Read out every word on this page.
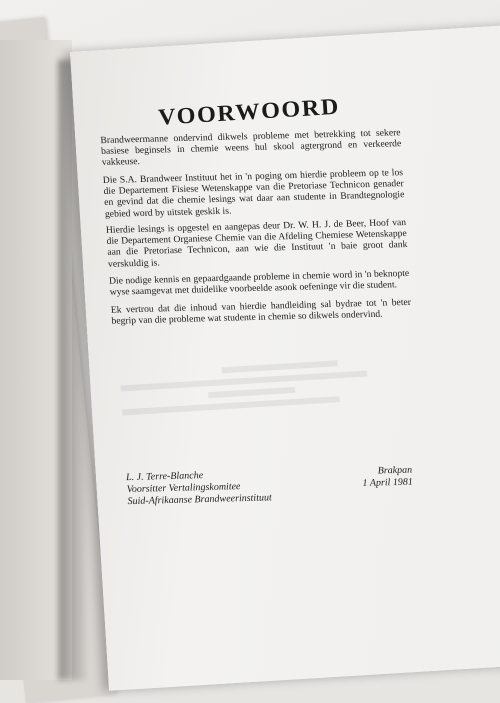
VOORWOORD

Brandweermanne ondervind dikwels probleme met betrekking tot sekere basiese beginsels in chemie weens hul skool agtergrond en verkeerde vakkeuse.

Die S.A. Brandweer Instituut het in 'n poging om hierdie probleem op te los die Departement Fisiese Wetenskappe van die Pretoriase Technicon genader en gevind dat die chemie lesings wat daar aan studente in Brandtegnologie gebied word by uitstek geskik is.

Hierdie lesings is opgestel en aangepas deur Dr. W. H. J. de Beer, Hoof van die Departement Organiese Chemie van die Afdeling Chemiese Wetenskappe aan die Pretoriase Technicon, aan wie die Instituut 'n baie groot dank verskuldig is.

Die nodige kennis en gepaardgaande probleme in chemie word in 'n beknopte wyse saamgevat met duidelike voorbeelde asook oefeninge vir die student.

Ek vertrou dat die inhoud van hierdie handleiding sal bydrae tot 'n beter begrip van die probleme wat studente in chemie so dikwels ondervind.

L. J. Terre-Blanche
Voorsitter Vertalingskomitee
Suid-Afrikaanse Brandweerinstituut
Brakpan
1 April 1981
